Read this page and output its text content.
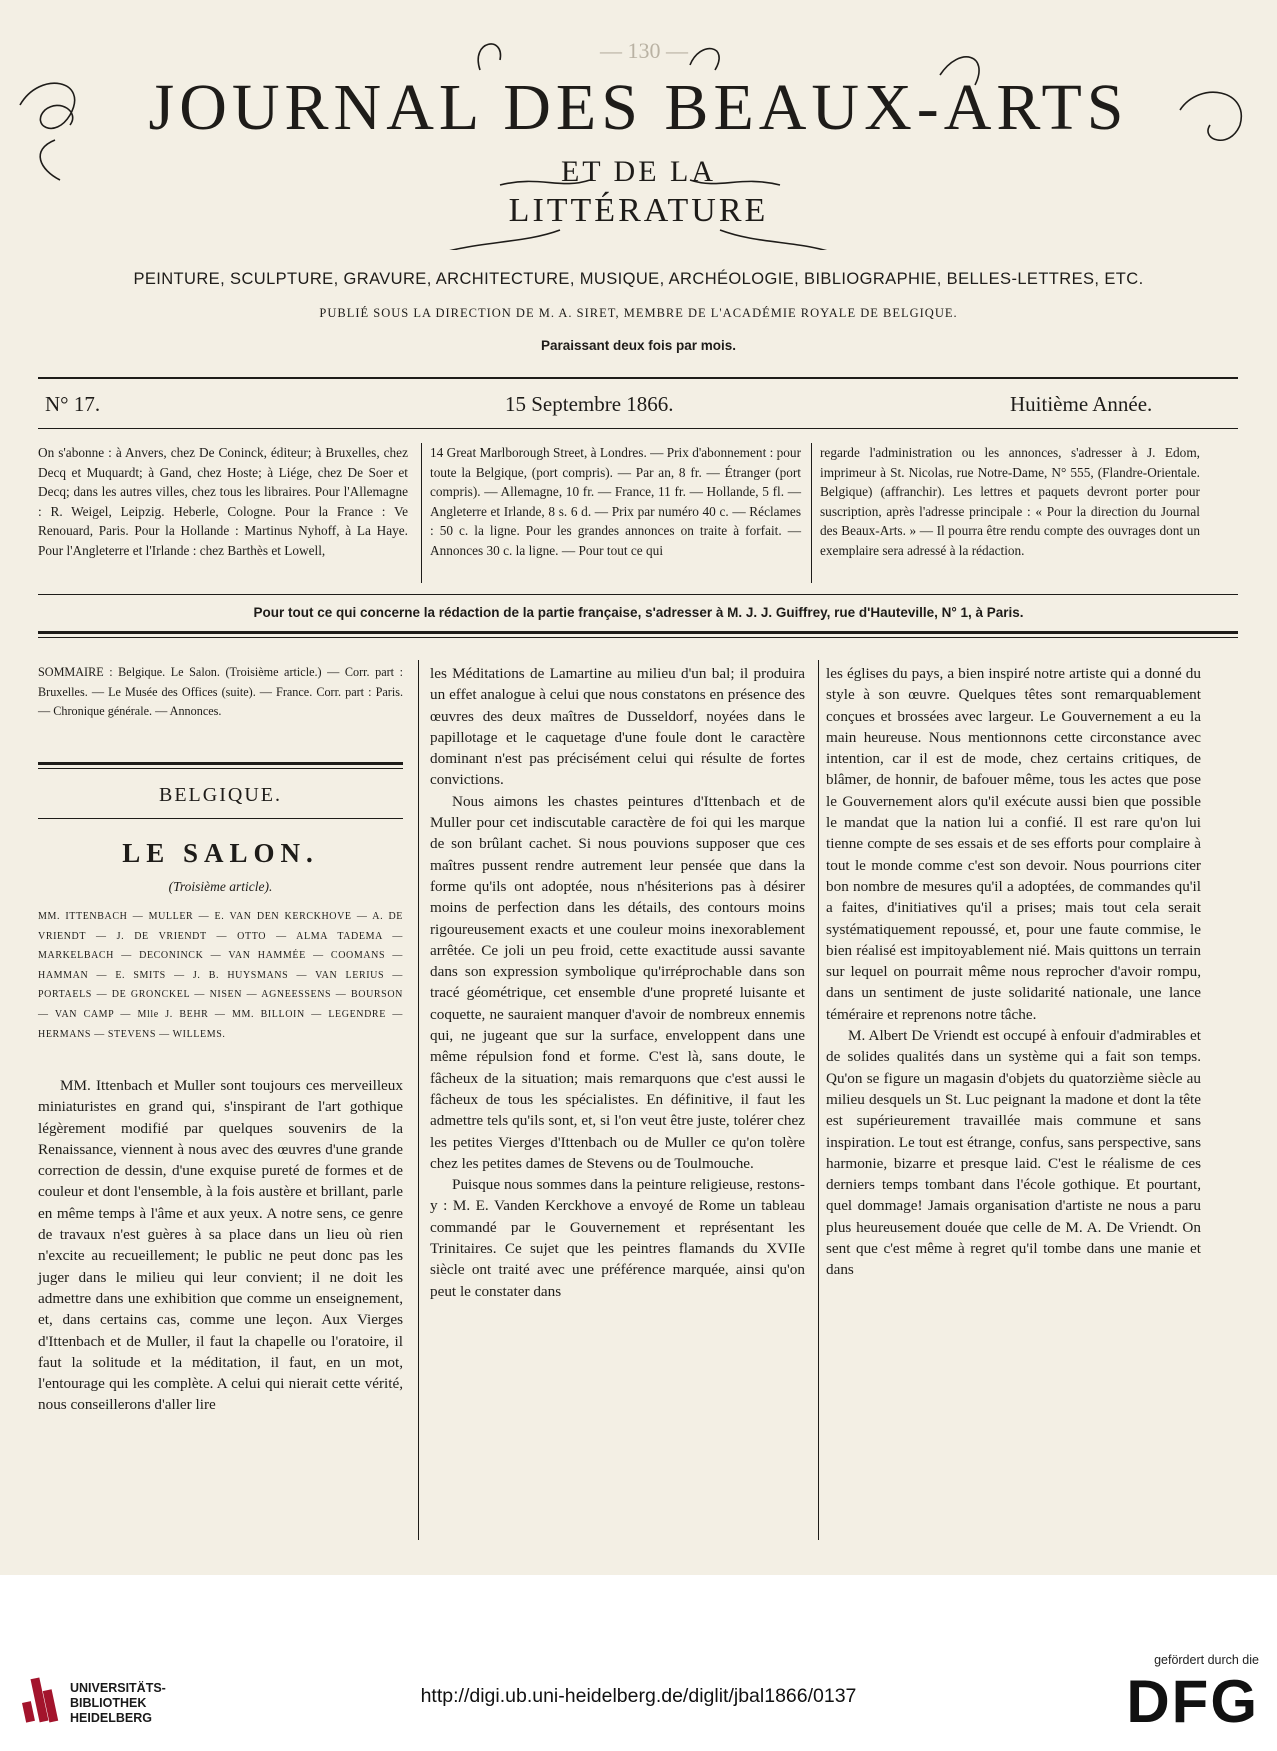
— 130 —
JOURNAL DES BEAUX-ARTS
ET DE LA
LITTÉRATURE
PEINTURE, SCULPTURE, GRAVURE, ARCHITECTURE, MUSIQUE, ARCHÉOLOGIE, BIBLIOGRAPHIE, BELLES-LETTRES, ETC.
PUBLIÉ SOUS LA DIRECTION DE M. A. SIRET, MEMBRE DE L'ACADÉMIE ROYALE DE BELGIQUE.
Paraissant deux fois par mois.
N° 17.	15 Septembre 1866.	Huitième Année.
On s'abonne : à Anvers, chez De Coninck, éditeur; à Bruxelles, chez Decq et Muquardt; à Gand, chez Hoste; à Liége, chez De Soer et Decq; dans les autres villes, chez tous les libraires. Pour l'Allemagne : R. Weigel, Leipzig. Heberle, Cologne. Pour la France : Ve Renouard, Paris. Pour la Hollande : Martinus Nyhoff, à La Haye. Pour l'Angleterre et l'Irlande : chez Barthès et Lowell,
14 Great Marlborough Street, à Londres. — Prix d'abonnement : pour toute la Belgique, (port compris). — Par an, 8 fr. — Étranger (port compris). — Allemagne, 10 fr. — France, 11 fr. — Hollande, 5 fl. — Angleterre et Irlande, 8 s. 6 d. — Prix par numéro 40 c. — Réclames : 50 c. la ligne. Pour les grandes annonces on traite à forfait. — Annonces 30 c. la ligne. — Pour tout ce qui
regarde l'administration ou les annonces, s'adresser à J. Edom, imprimeur à St. Nicolas, rue Notre-Dame, N° 555, (Flandre-Orientale. Belgique) (affranchir). Les lettres et paquets devront porter pour suscription, après l'adresse principale : « Pour la direction du Journal des Beaux-Arts. » — Il pourra être rendu compte des ouvrages dont un exemplaire sera adressé à la rédaction.
Pour tout ce qui concerne la rédaction de la partie française, s'adresser à M. J. J. Guiffrey, rue d'Hauteville, N° 1, à Paris.
SOMMAIRE : Belgique. Le Salon. (Troisième article.) — Corr. part : Bruxelles. — Le Musée des Offices (suite). — France. Corr. part : Paris. — Chronique générale. — Annonces.
BELGIQUE.
LE SALON.
(Troisième article).
MM. ITTENBACH — MULLER — E. VAN DEN KERCKHOVE — A. DE VRIENDT — J. DE VRIENDT — OTTO — ALMA TADEMA — MARKELBACH — DECONINCK — VAN HAMMÉE — COOMANS — HAMMAN — E. SMITS — J. B. HUYSMANS — VAN LERIUS — PORTAELS — DE GRONCKEL — NISEN — AGNEESSENS — BOURSON — VAN CAMP — Mlle J. BEHR — MM. BILLOIN — LEGENDRE — HERMANS — STEVENS — WILLEMS.
MM. Ittenbach et Muller sont toujours ces merveilleux miniaturistes en grand qui, s'inspirant de l'art gothique légèrement modifié par quelques souvenirs de la Renaissance, viennent à nous avec des œuvres d'une grande correction de dessin, d'une exquise pureté de formes et de couleur et dont l'ensemble, à la fois austère et brillant, parle en même temps à l'âme et aux yeux. A notre sens, ce genre de travaux n'est guères à sa place dans un lieu où rien n'excite au recueillement; le public ne peut donc pas les juger dans le milieu qui leur convient; il ne doit les admettre dans une exhibition que comme un enseignement, et, dans certains cas, comme une leçon. Aux Vierges d'Ittenbach et de Muller, il faut la chapelle ou l'oratoire, il faut la solitude et la méditation, il faut, en un mot, l'entourage qui les complète. A celui qui nierait cette vérité, nous conseillerons d'aller lire

les Méditations de Lamartine au milieu d'un bal; il produira un effet analogue à celui que nous constatons en présence des œuvres des deux maîtres de Dusseldorf, noyées dans le papillotage et le caquetage d'une foule dont le caractère dominant n'est pas précisément celui qui résulte de fortes convictions.

Nous aimons les chastes peintures d'Ittenbach et de Muller pour cet indiscutable caractère de foi qui les marque de son brûlant cachet. Si nous pouvions supposer que ces maîtres pussent rendre autrement leur pensée que dans la forme qu'ils ont adoptée, nous n'hésiterions pas à désirer moins de perfection dans les détails, des contours moins rigoureusement exacts et une couleur moins inexorablement arrêtée. Ce joli un peu froid, cette exactitude aussi savante dans son expression symbolique qu'irréprochable dans son tracé géométrique, cet ensemble d'une propreté luisante et coquette, ne sauraient manquer d'avoir de nombreux ennemis qui, ne jugeant que sur la surface, enveloppent dans une même répulsion fond et forme. C'est là, sans doute, le fâcheux de la situation; mais remarquons que c'est aussi le fâcheux de tous les spécialistes. En définitive, il faut les admettre tels qu'ils sont, et, si l'on veut être juste, tolérer chez les petites Vierges d'Ittenbach ou de Muller ce qu'on tolère chez les petites dames de Stevens ou de Toulmouche.

Puisque nous sommes dans la peinture religieuse, restons-y : M. E. Vanden Kerckhove a envoyé de Rome un tableau commandé par le Gouvernement et représentant les Trinitaires. Ce sujet que les peintres flamands du XVIIe siècle ont traité avec une préférence marquée, ainsi qu'on peut le constater dans

les églises du pays, a bien inspiré notre artiste qui a donné du style à son œuvre. Quelques têtes sont remarquablement conçues et brossées avec largeur. Le Gouvernement a eu la main heureuse. Nous mentionnons cette circonstance avec intention, car il est de mode, chez certains critiques, de blâmer, de honnir, de bafouer même, tous les actes que pose le Gouvernement alors qu'il exécute aussi bien que possible le mandat que la nation lui a confié. Il est rare qu'on lui tienne compte de ses essais et de ses efforts pour complaire à tout le monde comme c'est son devoir. Nous pourrions citer bon nombre de mesures qu'il a adoptées, de commandes qu'il a faites, d'initiatives qu'il a prises; mais tout cela serait systématiquement repoussé, et, pour une faute commise, le bien réalisé est impitoyablement nié. Mais quittons un terrain sur lequel on pourrait même nous reprocher d'avoir rompu, dans un sentiment de juste solidarité nationale, une lance téméraire et reprenons notre tâche.

M. Albert De Vriendt est occupé à enfouir d'admirables et de solides qualités dans un système qui a fait son temps. Qu'on se figure un magasin d'objets du quatorzième siècle au milieu desquels un St. Luc peignant la madone et dont la tête est supérieurement travaillée mais commune et sans inspiration. Le tout est étrange, confus, sans perspective, sans harmonie, bizarre et presque laid. C'est le réalisme de ces derniers temps tombant dans l'école gothique. Et pourtant, quel dommage! Jamais organisation d'artiste ne nous a paru plus heureusement douée que celle de M. A. De Vriendt. On sent que c'est même à regret qu'il tombe dans une manie et dans

UNIVERSITÄTS-
BIBLIOTHEK
HEIDELBERG
http://digi.ub.uni-heidelberg.de/diglit/jbal1866/0137
gefördert durch die
DFG
